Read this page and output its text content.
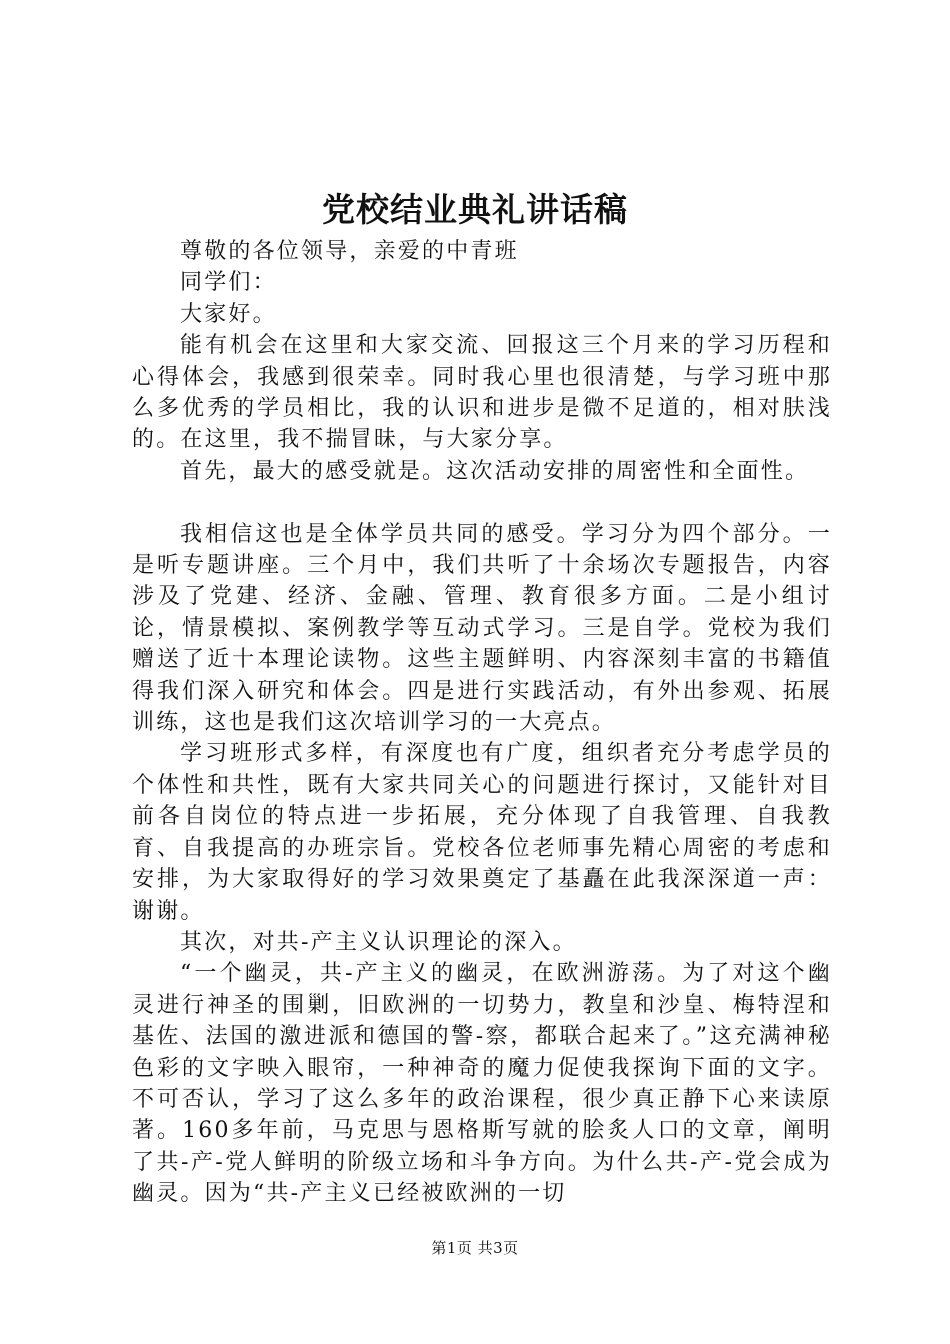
党校结业典礼讲话稿

尊敬的各位领导，亲爱的中青班

同学们：

大家好。

能有机会在这里和大家交流、回报这三个月来的学习历程和心得体会，我感到很荣幸。同时我心里也很清楚，与学习班中那么多优秀的学员相比，我的认识和进步是微不足道的，相对肤浅的。在这里，我不揣冒昧，与大家分享。

首先，最大的感受就是。这次活动安排的周密性和全面性。

我相信这也是全体学员共同的感受。学习分为四个部分。一是听专题讲座。三个月中，我们共听了十余场次专题报告，内容涉及了党建、经济、金融、管理、教育很多方面。二是小组讨论，情景模拟、案例教学等互动式学习。三是自学。党校为我们赠送了近十本理论读物。这些主题鲜明、内容深刻丰富的书籍值得我们深入研究和体会。四是进行实践活动，有外出参观、拓展训练，这也是我们这次培训学习的一大亮点。

学习班形式多样，有深度也有广度，组织者充分考虑学员的个体性和共性，既有大家共同关心的问题进行探讨，又能针对目前各自岗位的特点进一步拓展，充分体现了自我管理、自我教育、自我提高的办班宗旨。党校各位老师事先精心周密的考虑和安排，为大家取得好的学习效果奠定了基矗在此我深深道一声：谢谢。

其次，对共-产主义认识理论的深入。

“一个幽灵，共-产主义的幽灵，在欧洲游荡。为了对这个幽灵进行神圣的围剿，旧欧洲的一切势力，教皇和沙皇、梅特涅和基佐、法国的激进派和德国的警-察，都联合起来了。”这充满神秘色彩的文字映入眼帘，一种神奇的魔力促使我探询下面的文字。不可否认，学习了这么多年的政治课程，很少真正静下心来读原著。160多年前，马克思与恩格斯写就的脍炙人口的文章，阐明了共-产-党人鲜明的阶级立场和斗争方向。为什么共-产-党会成为幽灵。因为“共-产主义已经被欧洲的一切

第1页 共3页
